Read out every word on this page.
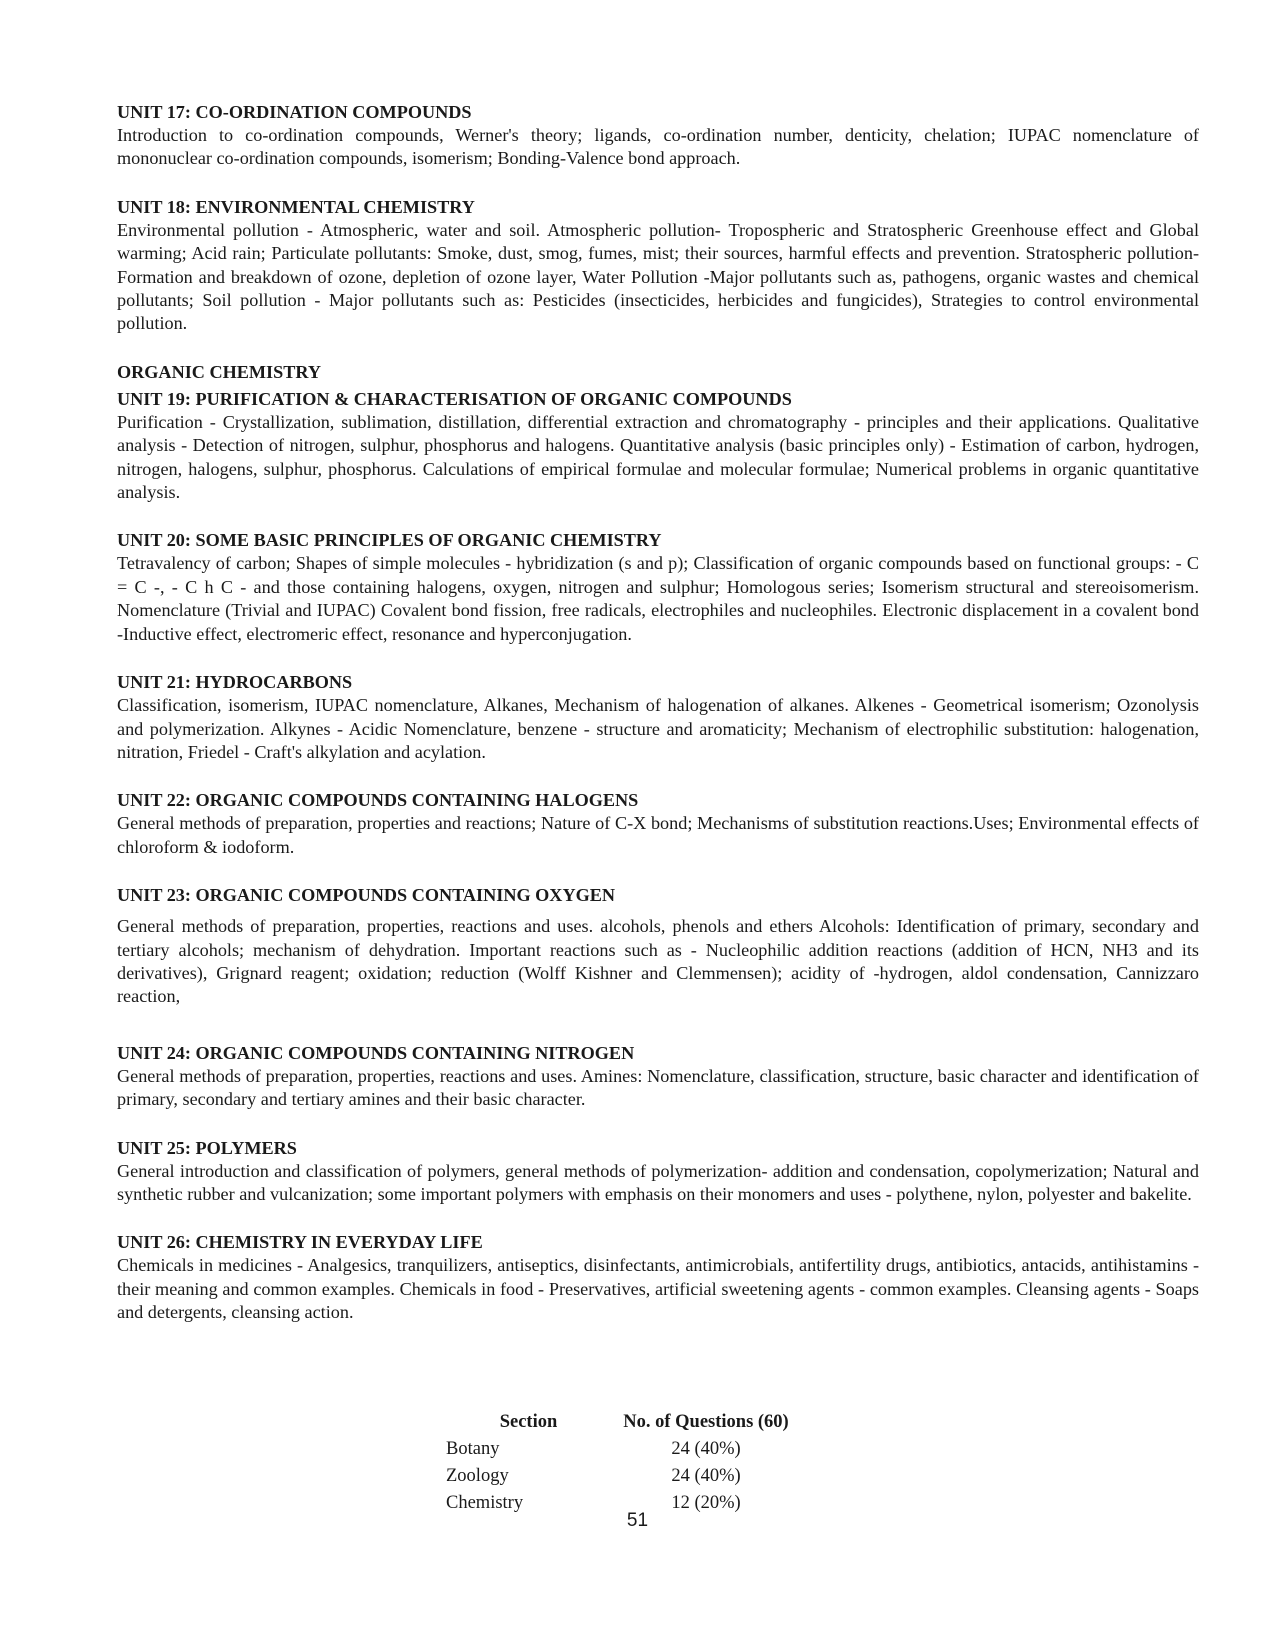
UNIT 17: CO-ORDINATION COMPOUNDS

Introduction to co-ordination compounds, Werner's theory; ligands, co-ordination number, denticity, chelation; IUPAC nomenclature of mononuclear co-ordination compounds, isomerism; Bonding-Valence bond approach.

UNIT 18: ENVIRONMENTAL CHEMISTRY

Environmental pollution - Atmospheric, water and soil. Atmospheric pollution- Tropospheric and Stratospheric Greenhouse effect and Global warming; Acid rain; Particulate pollutants: Smoke, dust, smog, fumes, mist; their sources, harmful effects and prevention. Stratospheric pollution-Formation and breakdown of ozone, depletion of ozone layer, Water Pollution -Major pollutants such as, pathogens, organic wastes and chemical pollutants; Soil pollution - Major pollutants such as: Pesticides (insecticides, herbicides and fungicides), Strategies to control environmental pollution.

ORGANIC CHEMISTRY

UNIT 19: PURIFICATION & CHARACTERISATION OF ORGANIC COMPOUNDS

Purification - Crystallization, sublimation, distillation, differential extraction and chromatography - principles and their applications. Qualitative analysis - Detection of nitrogen, sulphur, phosphorus and halogens. Quantitative analysis (basic principles only) - Estimation of carbon, hydrogen, nitrogen, halogens, sulphur, phosphorus. Calculations of empirical formulae and molecular formulae; Numerical problems in organic quantitative analysis.

UNIT 20: SOME BASIC PRINCIPLES OF ORGANIC CHEMISTRY

Tetravalency of carbon; Shapes of simple molecules - hybridization (s and p); Classification of organic compounds based on functional groups: - C = C -, - C h C - and those containing halogens, oxygen, nitrogen and sulphur; Homologous series; Isomerism structural and stereoisomerism. Nomenclature (Trivial and IUPAC) Covalent bond fission, free radicals, electrophiles and nucleophiles. Electronic displacement in a covalent bond -Inductive effect, electromeric effect, resonance and hyperconjugation.

UNIT 21: HYDROCARBONS

Classification, isomerism, IUPAC nomenclature, Alkanes, Mechanism of halogenation of alkanes. Alkenes - Geometrical isomerism; Ozonolysis and polymerization. Alkynes - Acidic Nomenclature, benzene - structure and aromaticity; Mechanism of electrophilic substitution: halogenation, nitration, Friedel - Craft's alkylation and acylation.

UNIT 22: ORGANIC COMPOUNDS CONTAINING HALOGENS

General methods of preparation, properties and reactions; Nature of C-X bond; Mechanisms of substitution reactions.Uses; Environmental effects of chloroform & iodoform.

UNIT 23: ORGANIC COMPOUNDS CONTAINING OXYGEN

General methods of preparation, properties, reactions and uses. alcohols, phenols and ethers Alcohols: Identification of primary, secondary and tertiary alcohols; mechanism of dehydration. Important reactions such as - Nucleophilic addition reactions (addition of HCN, NH3 and its derivatives), Grignard reagent; oxidation; reduction (Wolff Kishner and Clemmensen); acidity of -hydrogen, aldol condensation, Cannizzaro reaction,

UNIT 24: ORGANIC COMPOUNDS CONTAINING NITROGEN

General methods of preparation, properties, reactions and uses. Amines: Nomenclature, classification, structure, basic character and identification of primary, secondary and tertiary amines and their basic character.

UNIT 25: POLYMERS

General introduction and classification of polymers, general methods of polymerization- addition and condensation, copolymerization; Natural and synthetic rubber and vulcanization; some important polymers with emphasis on their monomers and uses - polythene, nylon, polyester and bakelite.

UNIT 26: CHEMISTRY IN EVERYDAY LIFE

Chemicals in medicines - Analgesics, tranquilizers, antiseptics, disinfectants, antimicrobials, antifertility drugs, antibiotics, antacids, antihistamins - their meaning and common examples. Chemicals in food - Preservatives, artificial sweetening agents - common examples. Cleansing agents - Soaps and detergents, cleansing action.

Section	No. of Questions (60)
Botany	24 (40%)
Zoology	24 (40%)
Chemistry	12 (20%)
51
